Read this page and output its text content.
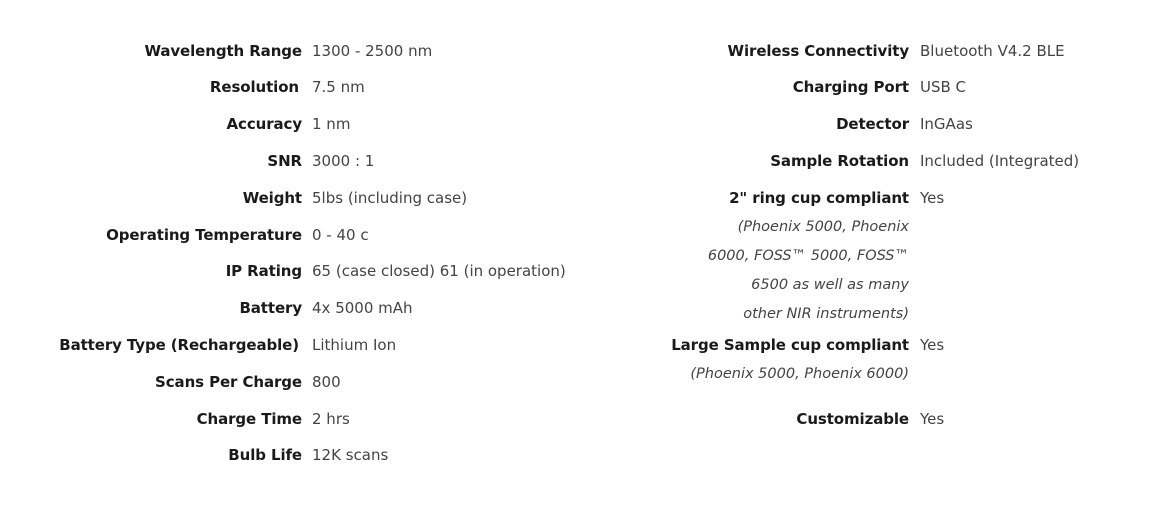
Wavelength Range 1300 - 2500 nm
Resolution 7.5 nm
Accuracy 1 nm
SNR 3000 : 1
Weight 5lbs (including case)
Operating Temperature 0 - 40 c
IP Rating 65 (case closed) 61 (in operation)
Battery 4x 5000 mAh
Battery Type (Rechargeable) Lithium Ion
Scans Per Charge 800
Charge Time 2 hrs
Bulb Life 12K scans
Wireless Connectivity Bluetooth V4.2 BLE
Charging Port USB C
Detector InGAas
Sample Rotation Included (Integrated)
2" ring cup compliant Yes
(Phoenix 5000, Phoenix
6000, FOSS™ 5000, FOSS™
6500 as well as many
other NIR instruments)
Large Sample cup compliant Yes
(Phoenix 5000, Phoenix 6000)
Customizable Yes
